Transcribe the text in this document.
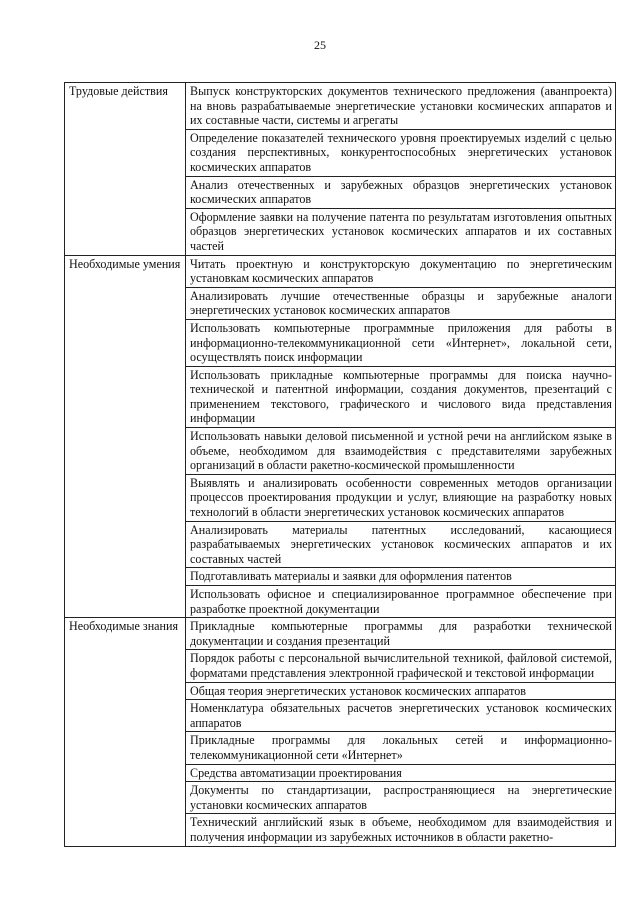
25
Трудовые действия	Выпуск конструкторских документов технического предложения (аванпроекта) на вновь разрабатываемые энергетические установки космических аппаратов и их составные части, системы и агрегаты
	Определение показателей технического уровня проектируемых изделий с целью создания перспективных, конкурентоспособных энергетических установок космических аппаратов
	Анализ отечественных и зарубежных образцов энергетических установок космических аппаратов
	Оформление заявки на получение патента по результатам изготовления опытных образцов энергетических установок космических аппаратов и их составных частей
Необходимые умения	Читать проектную и конструкторскую документацию по энергетическим установкам космических аппаратов
	Анализировать лучшие отечественные образцы и зарубежные аналоги энергетических установок космических аппаратов
	Использовать компьютерные программные приложения для работы в информационно-телекоммуникационной сети «Интернет», локальной сети, осуществлять поиск информации
	Использовать прикладные компьютерные программы для поиска научно-технической и патентной информации, создания документов, презентаций с применением текстового, графического и числового вида представления информации
	Использовать навыки деловой письменной и устной речи на английском языке в объеме, необходимом для взаимодействия с представителями зарубежных организаций в области ракетно-космической промышленности
	Выявлять и анализировать особенности современных методов организации процессов проектирования продукции и услуг, влияющие на разработку новых технологий в области энергетических установок космических аппаратов
	Анализировать материалы патентных исследований, касающиеся разрабатываемых энергетических установок космических аппаратов и их составных частей
	Подготавливать материалы и заявки для оформления патентов
	Использовать офисное и специализированное программное обеспечение при разработке проектной документации
Необходимые знания	Прикладные компьютерные программы для разработки технической документации и создания презентаций
	Порядок работы с персональной вычислительной техникой, файловой системой, форматами представления электронной графической и текстовой информации
	Общая теория энергетических установок космических аппаратов
	Номенклатура обязательных расчетов энергетических установок космических аппаратов
	Прикладные программы для локальных сетей и информационно-телекоммуникационной сети «Интернет»
	Средства автоматизации проектирования
	Документы по стандартизации, распространяющиеся на энергетические установки космических аппаратов
	Технический английский язык в объеме, необходимом для взаимодействия и получения информации из зарубежных источников в области ракетно-
